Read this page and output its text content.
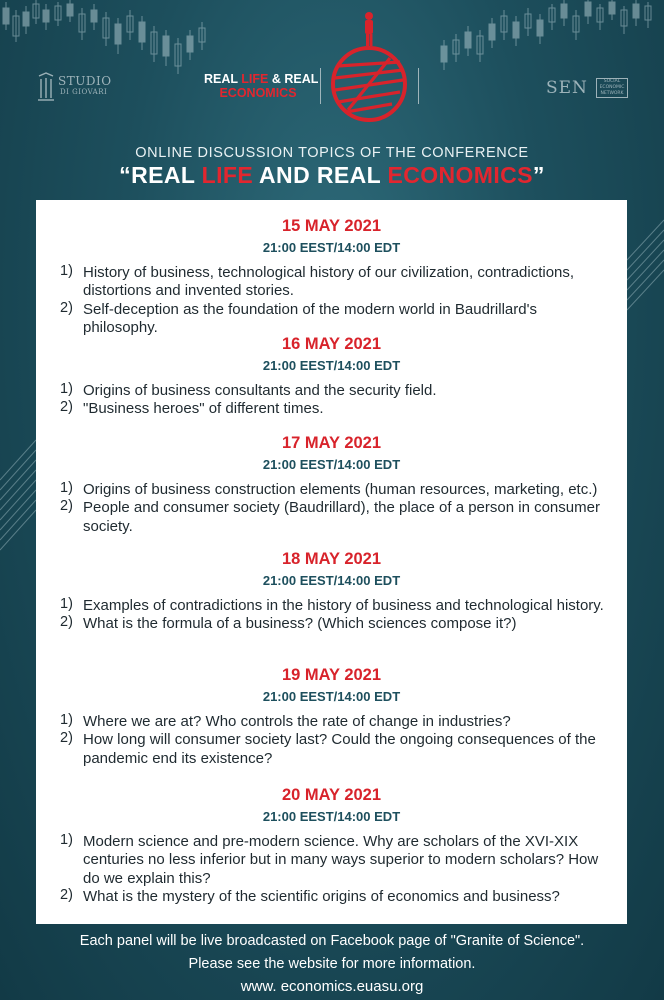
STUDIO
DI GIOVARI
REAL LIFE & REAL
ECONOMICS	SEN	SOCIAL ECONOMIC NETWORK
ONLINE DISCUSSION TOPICS OF THE CONFERENCE
“REAL LIFE AND REAL ECONOMICS”
15 MAY 2021
21:00 EEST/14:00 EDT
1) History of business, technological history of our civilization, contradictions, distortions and invented stories.
2) Self-deception as the foundation of the modern world in Baudrillard's philosophy.
16 MAY 2021
21:00 EEST/14:00 EDT
1) Origins of business consultants and the security field.
2) "Business heroes" of different times.
17 MAY 2021
21:00 EEST/14:00 EDT
1) Origins of business construction elements (human resources, marketing, etc.)
2) People and consumer society (Baudrillard), the place of a person in consumer society.
18 MAY 2021
21:00 EEST/14:00 EDT
1) Examples of contradictions in the history of business and technological history.
2) What is the formula of a business? (Which sciences compose it?)
19 MAY 2021
21:00 EEST/14:00 EDT
1) Where we are at? Who controls the rate of change in industries?
2) How long will consumer society last? Could the ongoing consequences of the pandemic end its existence?
20 MAY 2021
21:00 EEST/14:00 EDT
1) Modern science and pre-modern science. Why are scholars of the XVI-XIX centuries no less inferior but in many ways superior to modern scholars? How do we explain this?
2) What is the mystery of the scientific origins of economics and business?
Each panel will be live broadcasted on Facebook page of "Granite of Science".
Please see the website for more information.
www. economics.euasu.org
